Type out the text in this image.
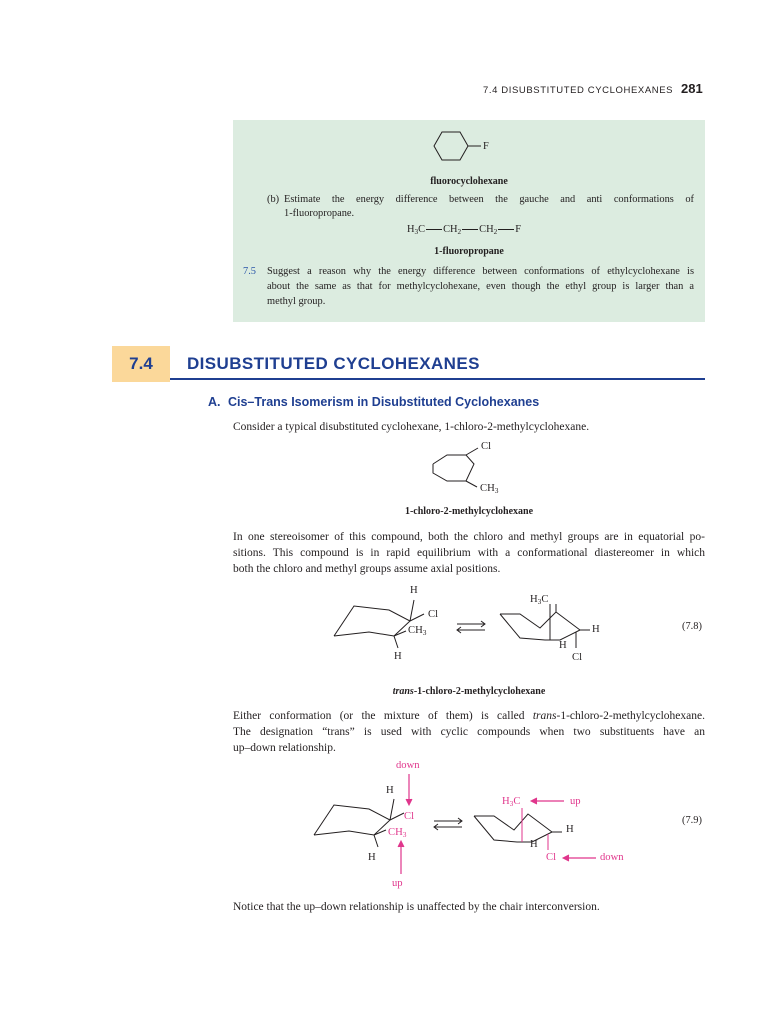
7.4 DISUBSTITUTED CYCLOHEXANES 281
F
fluorocyclohexane
(b) Estimate the energy difference between the gauche and anti conformations of
1-fluoropropane.
$H_3C$ $CH_2$ $CH_2$ F
1-fluoropropane
7.5 Suggest a reason why the energy difference between conformations of ethylcyclohexane is
about the same as that for methylcyclohexane, even though the ethyl group is larger than a
methyl group.
7.4	DISUBSTITUTED CYCLOHEXANES
A. Cis–Trans Isomerism in Disubstituted Cyclohexanes
Consider a typical disubstituted cyclohexane, 1-chloro-2-methylcyclohexane.
Cl
$CH_3$
1-chloro-2-methylcyclohexane
In one stereoisomer of this compound, both the chloro and methyl groups are in equatorial po-
sitions. This compound is in rapid equilibrium with a conformational diastereomer in which
both the chloro and methyl groups assume axial positions.
H
Cl
$CH_3$
H
$H_3C$
H
H
Cl
(7.8)
trans-1-chloro-2-methylcyclohexane
Either conformation (or the mixture of them) is called trans-1-chloro-2-methylcyclohexane.
The designation “trans” is used with cyclic compounds when two substituents have an
up–down relationship.
down
H
Cl
$CH_3$
H
up
$H_3C$	up
H
H
Cl	down
(7.9)
Notice that the up–down relationship is unaffected by the chair interconversion.
